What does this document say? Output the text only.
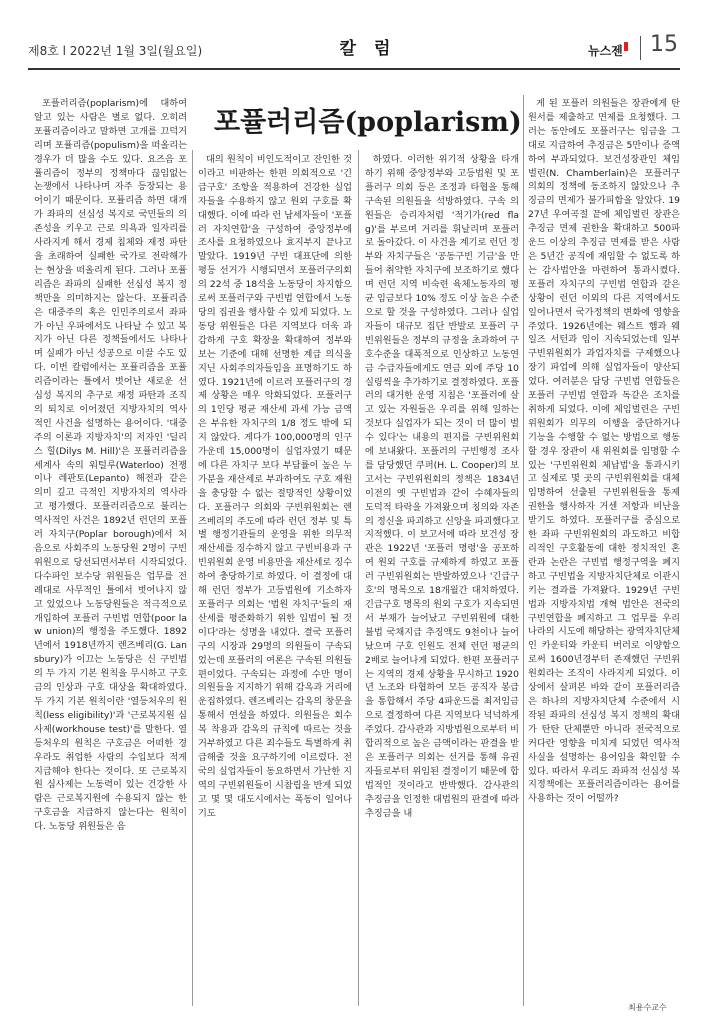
제8호 l 2022년 1월 3일(월요일)	칼 럼	뉴스젠 15
포퓰러리즘(poplarism)

포플러리즘(poplarism)에 대하여 알고 있는 사람은 별로 없다. 오히려 포퓰리즘이라고 말하면 고개를 끄덕거리며 포퓰리즘(populism)을 떠올리는 경우가 더 많을 수도 있다. 요즈음 포퓰리즘이 정부의 정책마다 끊임없는 논쟁에서 나타나며 자주 등장되는 용어이기 때문이다. 포퓰리즘 하면 대개가 좌파의 선심성 복지로 국민들의 의존성을 키우고 근로 의욕과 일자리를 사라지게 해서 경제 침체와 재정 파탄을 초래하여 실패한 국가로 전락해가는 현상을 떠올리게 된다. 그러나 포퓰리즘은 좌파의 실패한 선심성 복지 정책만을 의미하지는 않는다. 포퓰리즘은 대중주의 혹은 인민주의로서 좌파가 아닌 우파에서도 나타날 수 있고 복지가 아닌 다른 정책들에서도 나타나며 실패가 아닌 성공으로 이끌 수도 있다. 이번 칼럼에서는 포퓰리즘을 포퓰리즘이라는 틀에서 벗어난 새로운 선심성 복지의 추구로 재정 파탄과 조직의 퇴치로 이어졌던 지방자치의 역사적인 사건을 설명하는 용어이다. '대중주의 이론과 지방자치'의 저자인 '딜리스 힐(Dilys M. Hill)'은 포퓰러리즘을 세계사 속의 워털루(Waterloo) 전쟁이나 레판토(Lepanto) 해전과 같은 의미 깊고 극적인 지방자치의 역사라고 평가했다. 포플러리즘으로 불리는 역사적인 사건은 1892년 런던의 포플러 자치구(Poplar borough)에서 처음으로 사회주의 노동당원 2명이 구빈위원으로 당선되면서부터 시작되었다. 다수파인 보수당 위원들은 업무를 전례대로 사무적인 틀에서 벗어나지 않고 있었으나 노동당원들은 적극적으로 개입하여 포플러 구빈법 연합(poor law union)의 행정을 주도했다. 1892년에서 1918년까지 렌즈베리(G. Lansbury)가 이끄는 노동당은 신 구빈법의 두 가지 기본 원칙을 무시하고 구호금의 인상과 구호 대상을 확대하였다. 두 가지 기본 원칙이란 '열등처우의 원칙(less eligibility)'과 '근로복지원 심사제(workhouse test)'를 말한다. 열등처우의 원칙은 구호금은 어떠한 경우라도 취업한 사람의 수입보다 적게 지급해야 한다는 것이다. 또 근로복지원 심사제는 노동력이 있는 건강한 사람은 근로복지원에 수용되지 않는 한 구호금을 지급하지 않는다는 원칙이다. 노동당 위원들은 음

대의 원칙이 비인도적이고 잔인한 것이라고 비판하는 한편 의회적으로 '긴급구호' 조항을 적용하여 건강한 실업자들을 수용하지 않고 원외 구호를 확대했다. 이에 따라 런 남세자들이 '포플러 자치연합'을 구성하여 중앙정부에 조사를 요청하였으나 효지부지 끝나고 말았다. 1919년 구빈 대표단에 의한 평등 선거가 시행되면서 포플러구의회의 22석 중 18석을 노동당이 차지함으로써 포플러구와 구빈법 연합에서 노동당의 집권을 행사할 수 있게 되었다. 노동당 위원들은 다른 지역보다 더욱 과감하게 구호 확장을 확대하여 정부와 보는 기준에 대해 선명한 계급 의식을 지닌 사회주의자들임을 표명하기도 하였다. 1921년에 이르러 포플러구의 경제 상황은 매우 악화되었다. 포플러구의 1인당 평균 재산세 과세 가능 금액은 부유한 자치구의 1/8 정도 밖에 되지 않았다. 게다가 100,000명의 인구 가운데 15,000명이 실업자였기 때문에 다른 자치구 보다 부담률이 높은 누가분을 재산세로 부과하여도 구호 재원을 충당할 수 없는 절망적인 상황이었다. 포플러구 의회와 구빈위원회는 렌즈베리의 주도에 따라 런던 정부 및 특별 행정기관들의 운영을 위한 의무적 재산세를 징수하지 않고 구빈비용과 구빈위원회 운영 비용만을 재산세로 징수하여 충당하기로 하였다. 이 결정에 대해 런던 정부가 고등법원에 기소하자 포플러구 의회는 '법원 자치구'들의 재산세를 평준화하기 위한 입법이 될 것이다'라는 성명을 내었다. 결국 포플러구의 시장과 29명의 의원들이 구속되었는데 포플러의 여론은 구속된 의원들 편이었다. 구속되는 과정에 수만 명이 의원들을 지지하기 위해 감옥과 거리에 운집하였다. 렌즈베리는 감옥의 창문을 통해서 연설을 하였다. 의원들은 회수복 착용과 감옥의 규칙에 따르는 것을 거부하였고 다른 죄수들도 특별하게 취급해줄 것을 요구하기에 이르렀다. 전국의 실업자들이 동요하면서 가난한 지역의 구빈위원들이 시참립을 반게 되었고 몇 몇 대도시에서는 폭동이 일어나기도

하였다. 이러한 위기적 상황을 타개하기 위해 중앙정부와 고등법원 및 포플러구 의회 등은 조정과 타협을 통해 구속된 의원들을 석방하였다. 구속 의원들은 승리자처럼 '적기가(red flag)'를 부르며 거리를 휘날리며 포플러로 돌아갔다. 이 사건을 계기로 런던 정부와 자치구들은 '공동구빈 기금'을 만들어 취약한 자치구에 보조하기로 했다며 런던 지역 비숙련 육체노동자의 평균 임금보다 10% 정도 이상 높은 수준으로 할 것을 구성하였다. 그러나 실업자들이 대규모 집단 반발로 포플러 구빈위원들은 정부의 규정을 초과하여 구호수준을 대폭적으로 인상하고 노동연금 수급자들에게도 연금 외에 주당 10실링씩을 추가하기로 결정하였다. 포플러의 대거한 운영 지침은 '포플러에 살고 있는 자원들은 우리를 위해 일하는 것보다 실업자가 되는 것이 더 많이 벌 수 있다'는 내용의 편지를 구빈위원회에 보내왔다. 포플러의 구빈행정 조사를 담당했던 쿠퍼(H. L. Cooper)의 보고서는 구빈위원회의 정책은 1834년 이전의 옛 구빈법과 같이 수혜자들의 도덕적 타락을 가져왔으며 칭의와 자존의 정신을 파괴하고 신앙을 파괴했다고 지적했다. 이 보고서에 따라 보건성 장관은 1922년 '포플러 명령'을 공포하여 원외 구호를 규제하게 하였고 포플러 구빈위원회는 반발하였으나 '긴급구호'의 명목으로 18개월간 대치하였다. 긴급구호 명목의 원외 구호가 지속되면서 부채가 늘어났고 구빈위원에 대한 불법 국채지급 추징액도 9천이나 늘어났으며 구호 인원도 전체 런던 평균의 2배로 늘어나게 되었다. 한편 포플러구는 지역의 경제 상황을 무시하고 1920년 노조와 타협하여 모든 공직자 봉급을 통합해서 주당 4파운드를 최저임금으로 결정하여 다른 지역보다 넉넉하게 주었다. 감사관과 지방법원으로부터 비합리적으로 높은 금액이라는 판결을 받은 포플러구 의회는 선거를 통해 유권자들로부터 위임된 결정이기 때문에 합법적인 것이라고 반박했다. 감사관의 추징금을 인정한 대법원의 판결에 따라 추징금을 내

게 된 포플러 의원들은 장관에게 탄원서를 제출하고 면제를 요청했다. 그러는 동안에도 포플러구는 임금을 그대로 지급하여 추징금은 5만이나 증액하여 부과되었다. 보건성장관인 체임벌린(N. Chamberlain)은 포플러구 의회의 정책에 동조하지 않았으나 추징금의 면제가 불가피함을 알았다. 1927년 우여곡절 끝에 체임벌린 장관은 추징금 면제 권한을 확대하고 500파운드 이상의 추징금 면제를 받은 사람은 5년간 공직에 재임할 수 없도록 하는 감사법안을 마련하여 통과시켰다. 포플러 자치구의 구빈법 연합과 같은 상황이 런던 이외의 다른 지역에서도 일어나면서 국가정책의 변화에 영향을 주었다. 1926년에는 웨스트 햄과 웨일즈 서턴과 임이 지속되었는데 일부 구빈위원회가 과업자치를 구제했으나 장기 파업에 의해 실업자들이 양산되었다. 여러분은 담당 구빈법 연합들은 포플러 구빈법 연합과 독같은 조치를 취하게 되었다. 이에 체임벌린은 구빈위원회가 의무의 이행을 중단하거나 기능을 수행할 수 없는 방법으로 행동할 경우 장관이 새 위원회를 임명할 수 있는 '구빈위원회 체납법'을 통과시키고 실제로 몇 곳의 구빈위원회를 대체 임명하여 선출된 구빈위원들을 통제 권한을 행사하자 거센 저항과 비난을 받기도 하였다. 포플러구를 중심으로 한 좌파 구빈위원회의 과도하고 비합리적인 구호활동에 대한 정치적인 혼란과 논란은 구빈법 행정구역을 폐지하고 구빈법을 지방자치단체로 이관시키는 결과를 가져왔다. 1929년 구빈법과 지방자치법 개혁 법안은 전국의 구빈연합을 폐지하고 그 업무를 우리나라의 시도에 해당하는 광역자치단체인 카운티와 카운티 버러로 이양함으로써 1600년경부터 존재했던 구빈위원회라는 조직이 사라지게 되었다. 이상에서 살펴본 바와 같이 포플러리즘은 하나의 지방자치단체 수준에서 시작된 좌파의 선심성 복지 정책의 확대가 탄탄 단체뿐만 아니라 전국적으로 커다란 영향을 미치게 되었던 역사적 사실을 설명하는 용어임을 확인할 수 있다. 따라서 우리도 좌파적 선심성 복지정책에는 포플러리즘이라는 용어를 사용하는 것이 어떨까?

최용수교수
